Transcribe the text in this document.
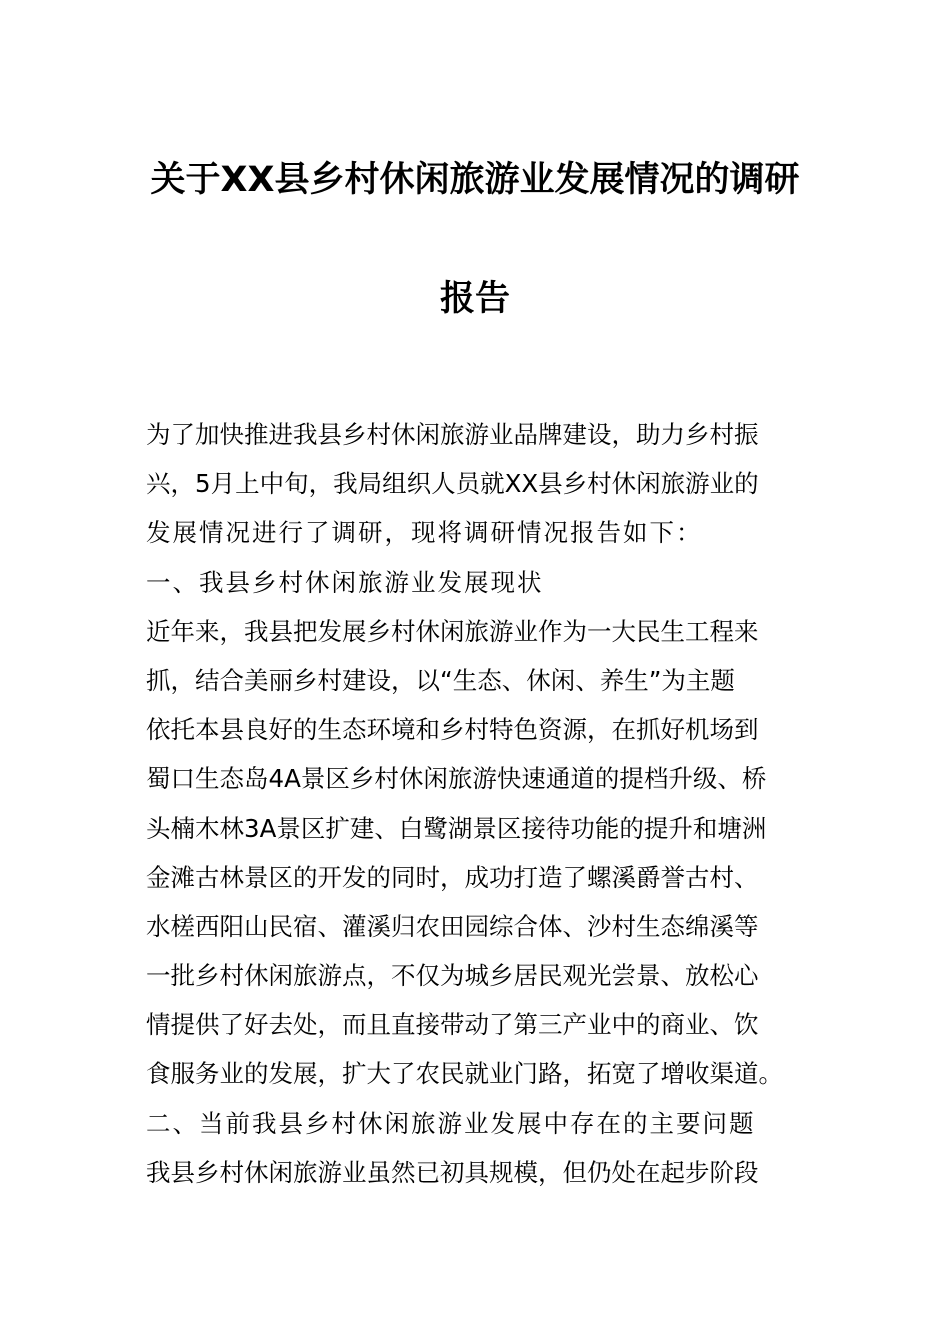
关于XX县乡村休闲旅游业发展情况的调研
报告
为了加快推进我县乡村休闲旅游业品牌建设，助力乡村振
兴，5月上中旬，我局组织人员就XX县乡村休闲旅游业的
发展情况进行了调研，现将调研情况报告如下：
一、我县乡村休闲旅游业发展现状
近年来，我县把发展乡村休闲旅游业作为一大民生工程来
抓，结合美丽乡村建设，以“生态、休闲、养生”为主题
依托本县良好的生态环境和乡村特色资源，在抓好机场到
蜀口生态岛4A景区乡村休闲旅游快速通道的提档升级、桥
头楠木林3A景区扩建、白鹭湖景区接待功能的提升和塘洲
金滩古林景区的开发的同时，成功打造了螺溪爵誉古村、
水槎西阳山民宿、灌溪归农田园综合体、沙村生态绵溪等
一批乡村休闲旅游点，不仅为城乡居民观光尝景、放松心
情提供了好去处，而且直接带动了第三产业中的商业、饮
食服务业的发展，扩大了农民就业门路，拓宽了增收渠道。
二、当前我县乡村休闲旅游业发展中存在的主要问题
我县乡村休闲旅游业虽然已初具规模，但仍处在起步阶段
